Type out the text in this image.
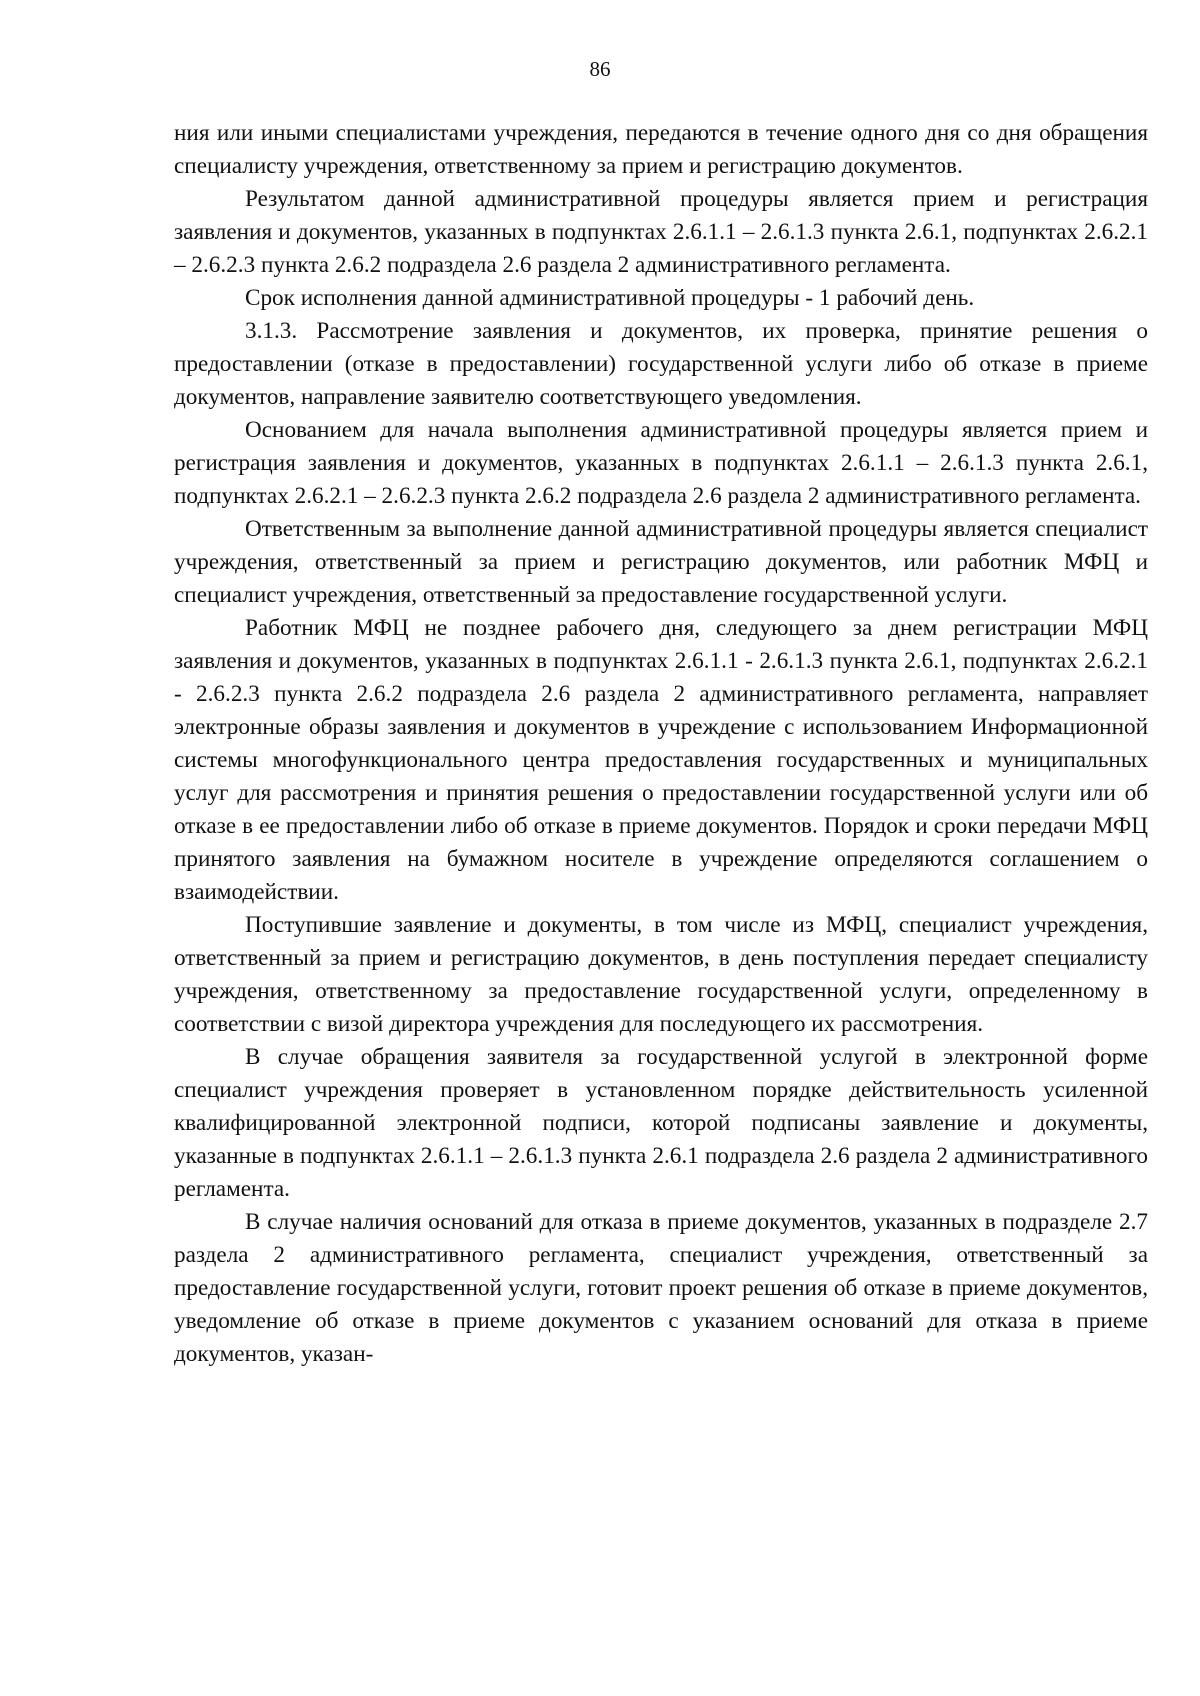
86

ния или иными специалистами учреждения, передаются в течение одного дня со дня обращения специалисту учреждения, ответственному за прием и регистрацию документов.

Результатом данной административной процедуры является прием и регистрация заявления и документов, указанных в подпунктах 2.6.1.1 – 2.6.1.3 пункта 2.6.1, подпунктах 2.6.2.1 – 2.6.2.3 пункта 2.6.2 подраздела 2.6 раздела 2 административного регламента.

Срок исполнения данной административной процедуры - 1 рабочий день.

3.1.3. Рассмотрение заявления и документов, их проверка, принятие решения о предоставлении (отказе в предоставлении) государственной услуги либо об отказе в приеме документов, направление заявителю соответствующего уведомления.

Основанием для начала выполнения административной процедуры является прием и регистрация заявления и документов, указанных в подпунктах 2.6.1.1 – 2.6.1.3 пункта 2.6.1, подпунктах 2.6.2.1 – 2.6.2.3 пункта 2.6.2 подраздела 2.6 раздела 2 административного регламента.

Ответственным за выполнение данной административной процедуры является специалист учреждения, ответственный за прием и регистрацию документов, или работник МФЦ и специалист учреждения, ответственный за предоставление государственной услуги.

Работник МФЦ не позднее рабочего дня, следующего за днем регистрации МФЦ заявления и документов, указанных в подпунктах 2.6.1.1 - 2.6.1.3 пункта 2.6.1, подпунктах 2.6.2.1 - 2.6.2.3 пункта 2.6.2 подраздела 2.6 раздела 2 административного регламента, направляет электронные образы заявления и документов в учреждение с использованием Информационной системы многофункционального центра предоставления государственных и муниципальных услуг для рассмотрения и принятия решения о предоставлении государственной услуги или об отказе в ее предоставлении либо об отказе в приеме документов. Порядок и сроки передачи МФЦ принятого заявления на бумажном носителе в учреждение определяются соглашением о взаимодействии.

Поступившие заявление и документы, в том числе из МФЦ, специалист учреждения, ответственный за прием и регистрацию документов, в день поступления передает специалисту учреждения, ответственному за предоставление государственной услуги, определенному в соответствии с визой директора учреждения для последующего их рассмотрения.

В случае обращения заявителя за государственной услугой в электронной форме специалист учреждения проверяет в установленном порядке действительность усиленной квалифицированной электронной подписи, которой подписаны заявление и документы, указанные в подпунктах 2.6.1.1 – 2.6.1.3 пункта 2.6.1 подраздела 2.6 раздела 2 административного регламента.

В случае наличия оснований для отказа в приеме документов, указанных в подразделе 2.7 раздела 2 административного регламента, специалист учреждения, ответственный за предоставление государственной услуги, готовит проект решения об отказе в приеме документов, уведомление об отказе в приеме документов с указанием оснований для отказа в приеме документов, указан-
